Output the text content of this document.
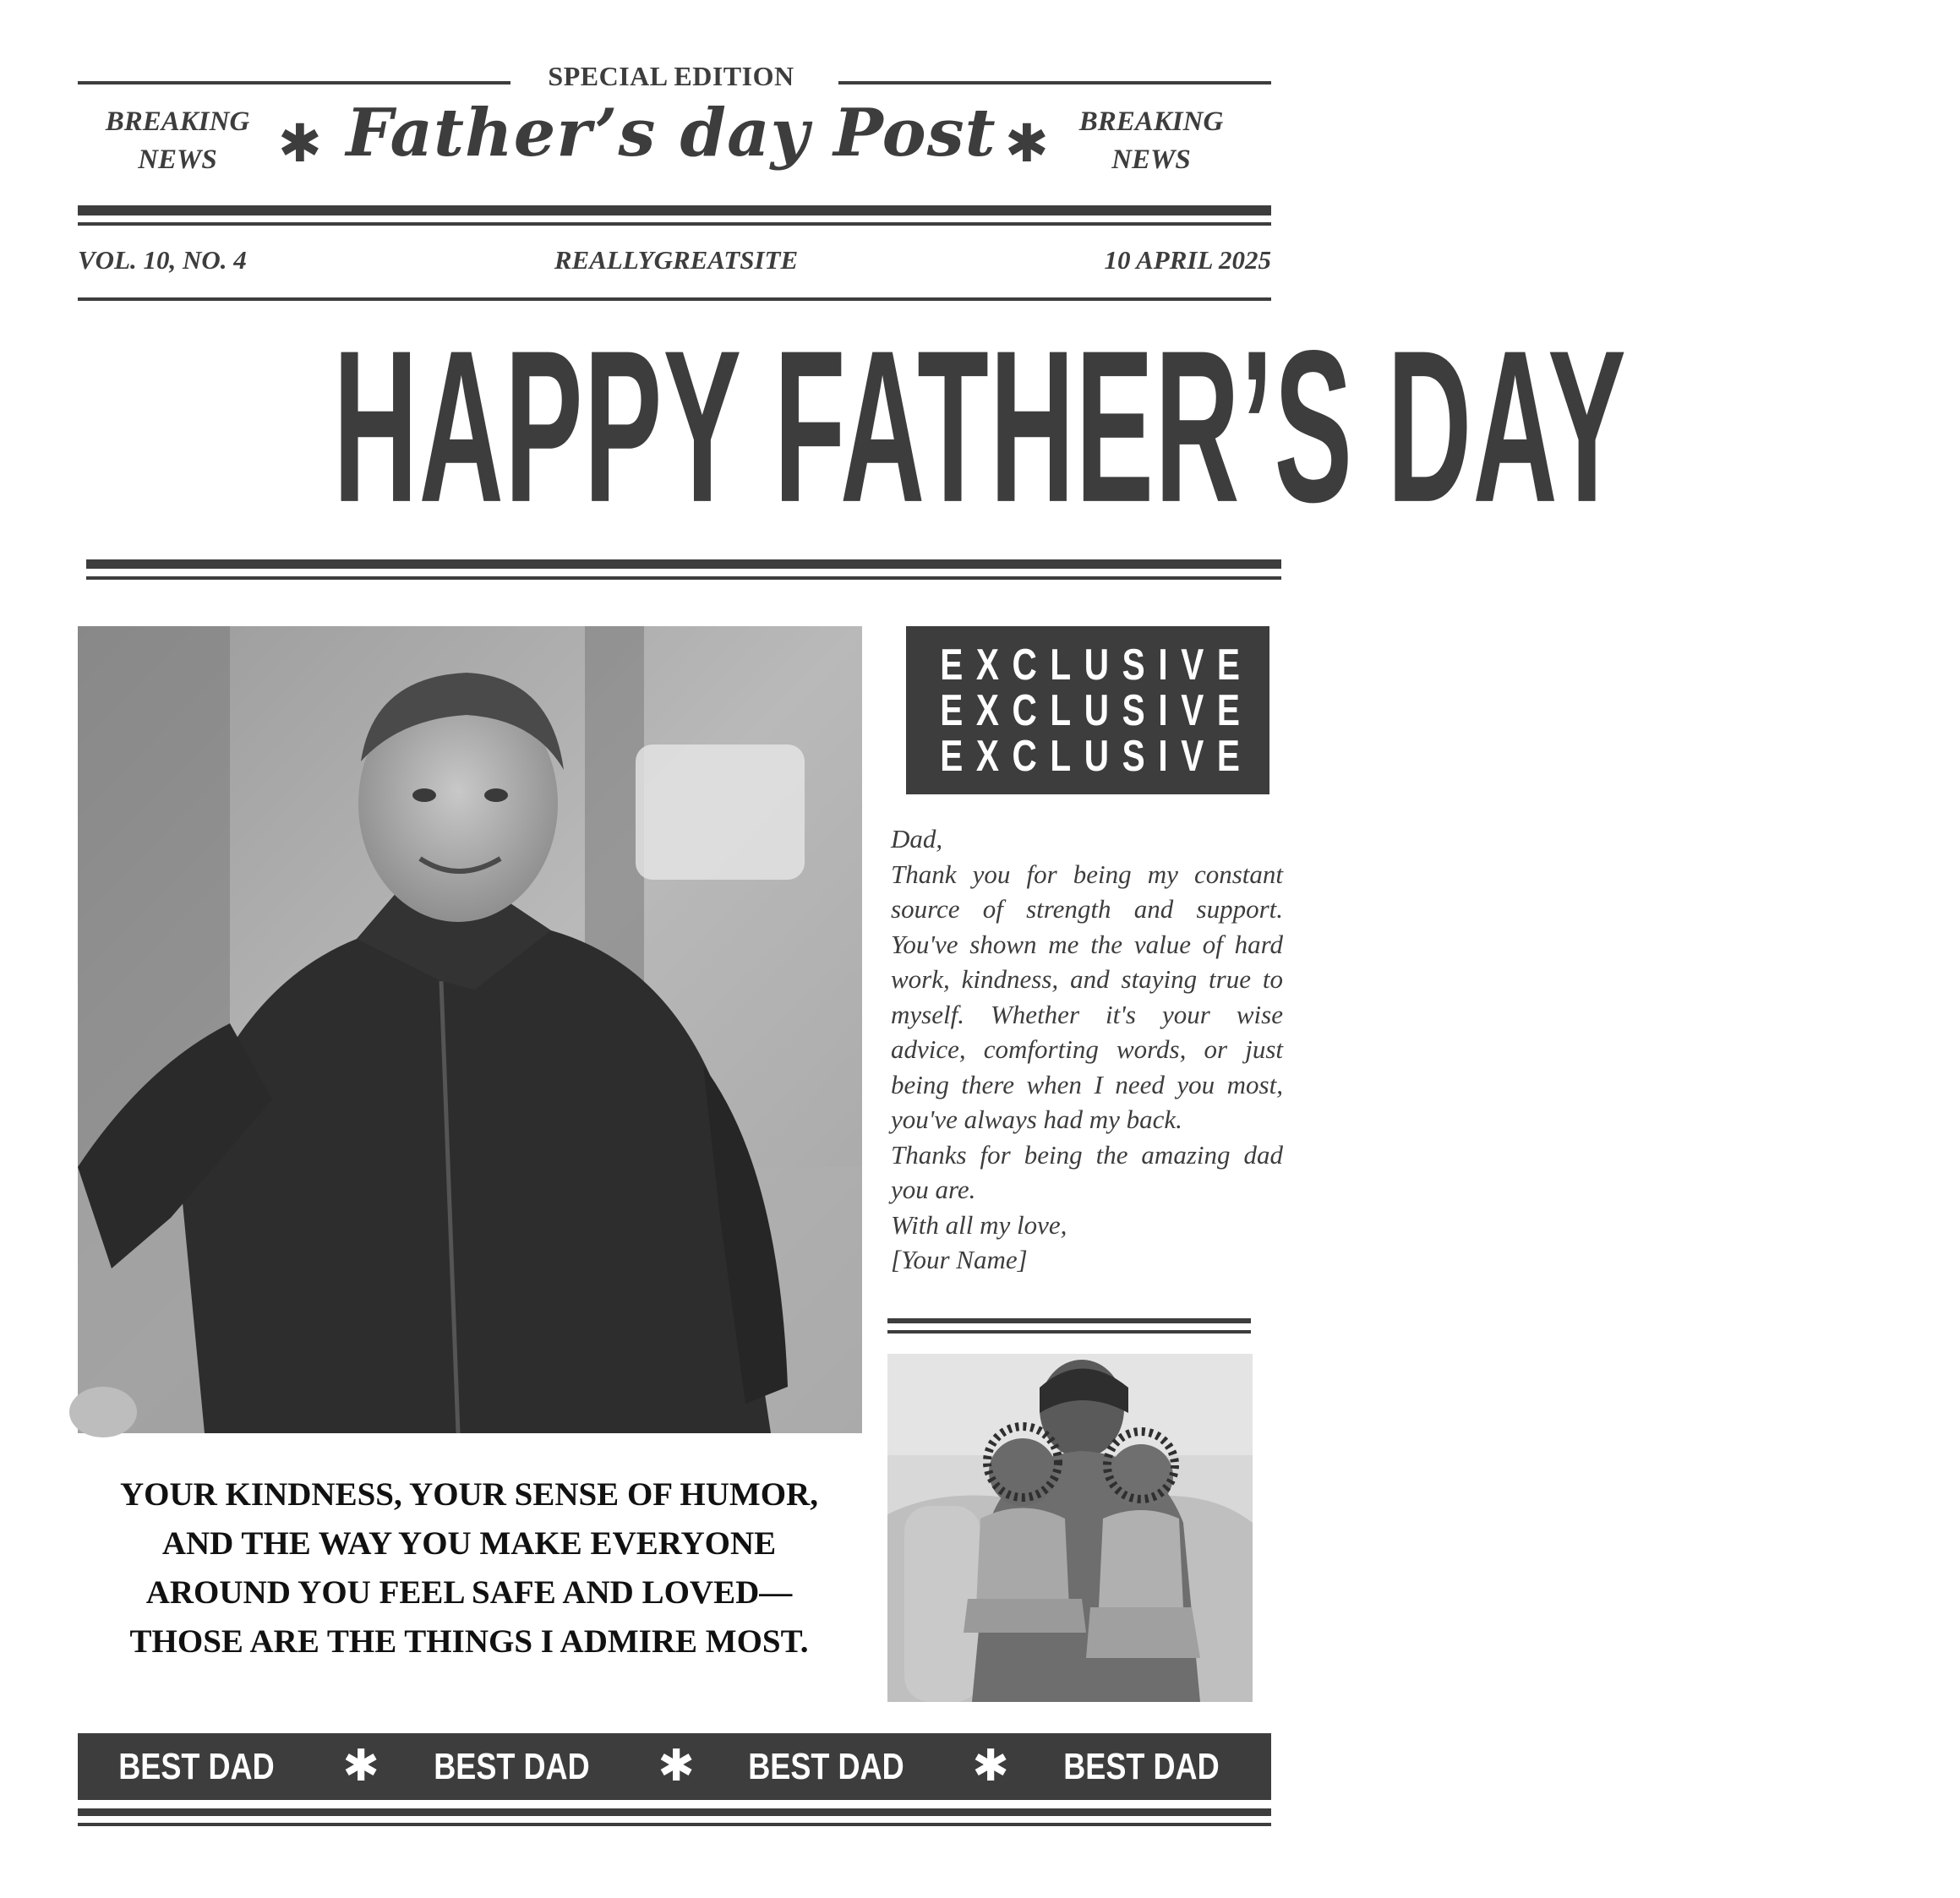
SPECIAL EDITION
BREAKING
NEWS	✱ Father’s day Post ✱	BREAKING
NEWS
VOL. 10, NO. 4	REALLYGREATSITE	10 APRIL 2025
HAPPY FATHER’S DAY
EXCLUSIVE
EXCLUSIVE
EXCLUSIVE

Dad,

Thank you for being my constant source of strength and support. You've shown me the value of hard work, kindness, and staying true to myself. Whether it's your wise advice, comforting words, or just being there when I need you most, you've always had my back.

Thanks for being the amazing dad you are.

With all my love,

[Your Name]

YOUR KINDNESS, YOUR SENSE OF HUMOR,
AND THE WAY YOU MAKE EVERYONE
AROUND YOU FEEL SAFE AND LOVED—
THOSE ARE THE THINGS I ADMIRE MOST.
BEST DAD	✱	BEST DAD	✱	BEST DAD	✱	BEST DAD
